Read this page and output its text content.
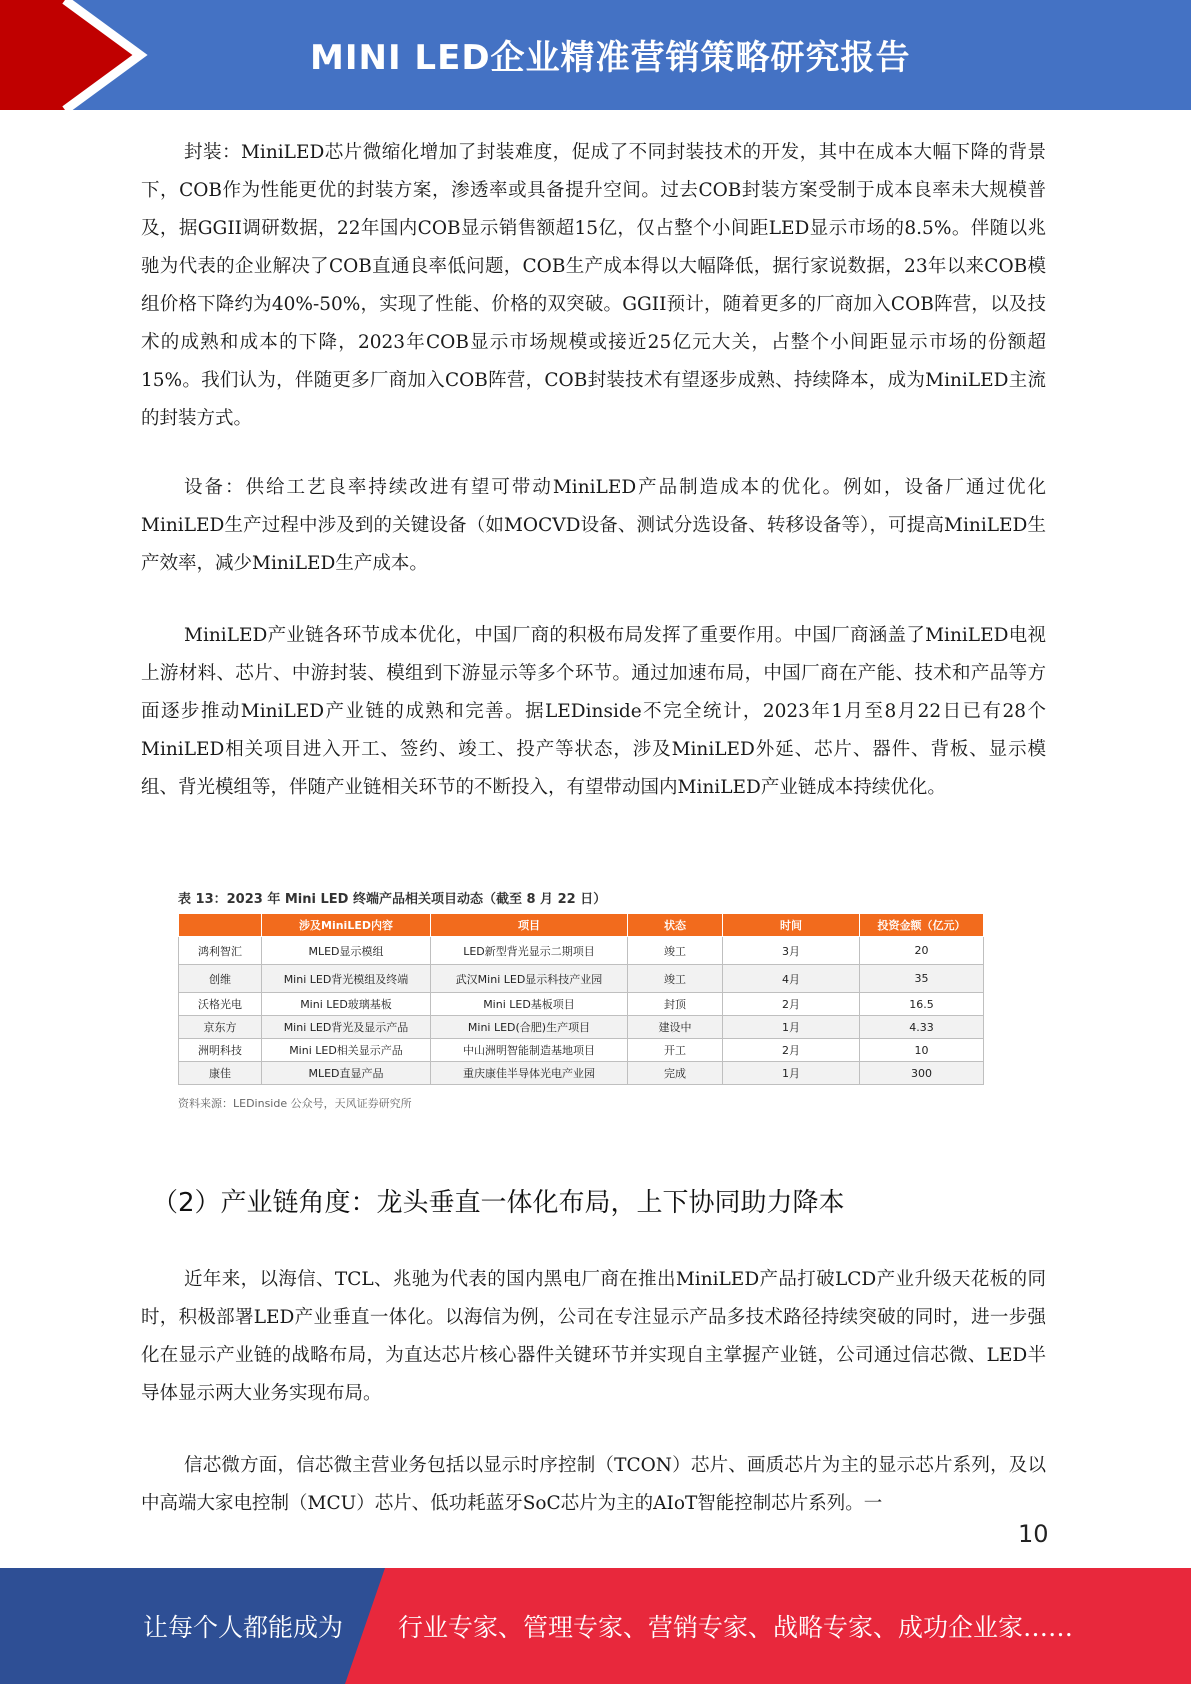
MINI LED企业精准营销策略研究报告

封装：MiniLED芯片微缩化增加了封装难度，促成了不同封装技术的开发，其中在成本大幅下降的背景下，COB作为性能更优的封装方案，渗透率或具备提升空间。过去COB封装方案受制于成本良率未大规模普及，据GGII调研数据，22年国内COB显示销售额超15亿，仅占整个小间距LED显示市场的8.5%。伴随以兆驰为代表的企业解决了COB直通良率低问题，COB生产成本得以大幅降低，据行家说数据，23年以来COB模组价格下降约为40%-50%，实现了性能、价格的双突破。GGII预计，随着更多的厂商加入COB阵营，以及技术的成熟和成本的下降，2023年COB显示市场规模或接近25亿元大关，占整个小间距显示市场的份额超15%。我们认为，伴随更多厂商加入COB阵营，COB封装技术有望逐步成熟、持续降本，成为MiniLED主流的封装方式。

设备：供给工艺良率持续改进有望可带动MiniLED产品制造成本的优化。例如，设备厂通过优化MiniLED生产过程中涉及到的关键设备（如MOCVD设备、测试分选设备、转移设备等），可提高MiniLED生产效率，减少MiniLED生产成本。

MiniLED产业链各环节成本优化，中国厂商的积极布局发挥了重要作用。中国厂商涵盖了MiniLED电视上游材料、芯片、中游封装、模组到下游显示等多个环节。通过加速布局，中国厂商在产能、技术和产品等方面逐步推动MiniLED产业链的成熟和完善。据LEDinside不完全统计，2023年1月至8月22日已有28个MiniLED相关项目进入开工、签约、竣工、投产等状态，涉及MiniLED外延、芯片、器件、背板、显示模组、背光模组等，伴随产业链相关环节的不断投入，有望带动国内MiniLED产业链成本持续优化。

表 13：2023 年 Mini LED 终端产品相关项目动态（截至 8 月 22 日）
	涉及MiniLED内容	项目	状态	时间	投资金额（亿元）
鸿利智汇	MLED显示模组	LED新型背光显示二期项目	竣工	3月	20
创维	Mini LED背光模组及终端	武汉Mini LED显示科技产业园	竣工	4月	35
沃格光电	Mini LED玻璃基板	Mini LED基板项目	封顶	2月	16.5
京东方	Mini LED背光及显示产品	Mini LED(合肥)生产项目	建设中	1月	4.33
洲明科技	Mini LED相关显示产品	中山洲明智能制造基地项目	开工	2月	10
康佳	MLED直显产品	重庆康佳半导体光电产业园	完成	1月	300
资料来源：LEDinside 公众号，天风证券研究所
（2）产业链角度：龙头垂直一体化布局，上下协同助力降本

近年来，以海信、TCL、兆驰为代表的国内黑电厂商在推出MiniLED产品打破LCD产业升级天花板的同时，积极部署LED产业垂直一体化。以海信为例，公司在专注显示产品多技术路径持续突破的同时，进一步强化在显示产业链的战略布局，为直达芯片核心器件关键环节并实现自主掌握产业链，公司通过信芯微、LED半导体显示两大业务实现布局。

信芯微方面，信芯微主营业务包括以显示时序控制（TCON）芯片、画质芯片为主的显示芯片系列，及以中高端大家电控制（MCU）芯片、低功耗蓝牙SoC芯片为主的AIoT智能控制芯片系列。一

10
让每个人都能成为 行业专家、管理专家、营销专家、战略专家、成功企业家……
